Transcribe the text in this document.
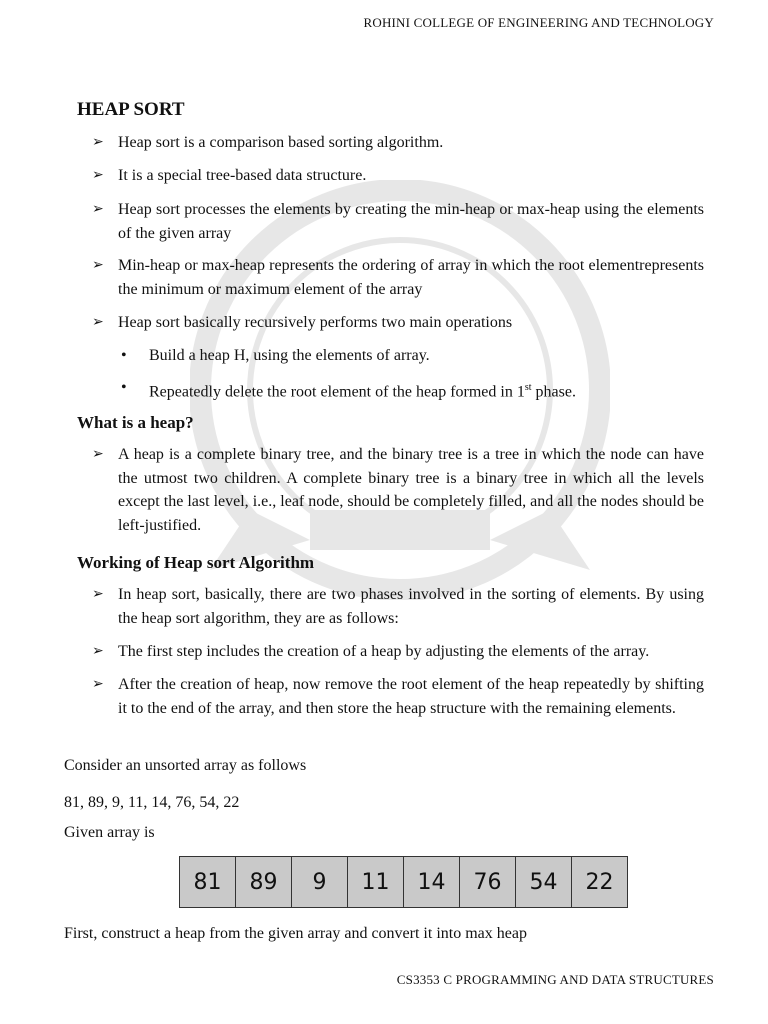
ROHINI COLLEGE OF ENGINEERING AND TECHNOLOGY
HEAP SORT
➢ Heap sort is a comparison based sorting algorithm.
➢ It is a special tree-based data structure.
➢ Heap sort processes the elements by creating the min-heap or max-heap using the elements of the given array
➢ Min-heap or max-heap represents the ordering of array in which the root elementrepresents the minimum or maximum element of the array
➢ Heap sort basically recursively performs two main operations
• Build a heap H, using the elements of array.
• Repeatedly delete the root element of the heap formed in 1st phase.
What is a heap?
➢ A heap is a complete binary tree, and the binary tree is a tree in which the node can have the utmost two children. A complete binary tree is a binary tree in which all the levels except the last level, i.e., leaf node, should be completely filled, and all the nodes should be left-justified.
Working of Heap sort Algorithm
➢ In heap sort, basically, there are two phases involved in the sorting of elements. By using the heap sort algorithm, they are as follows:
➢ The first step includes the creation of a heap by adjusting the elements of the array.
➢ After the creation of heap, now remove the root element of the heap repeatedly by shifting it to the end of the array, and then store the heap structure with the remaining elements.
Consider an unsorted array as follows
81, 89, 9, 11, 14, 76, 54, 22
Given array is
81	89	9	11	14	76	54	22
First, construct a heap from the given array and convert it into max heap
CS3353 C PROGRAMMING AND DATA STRUCTURES
